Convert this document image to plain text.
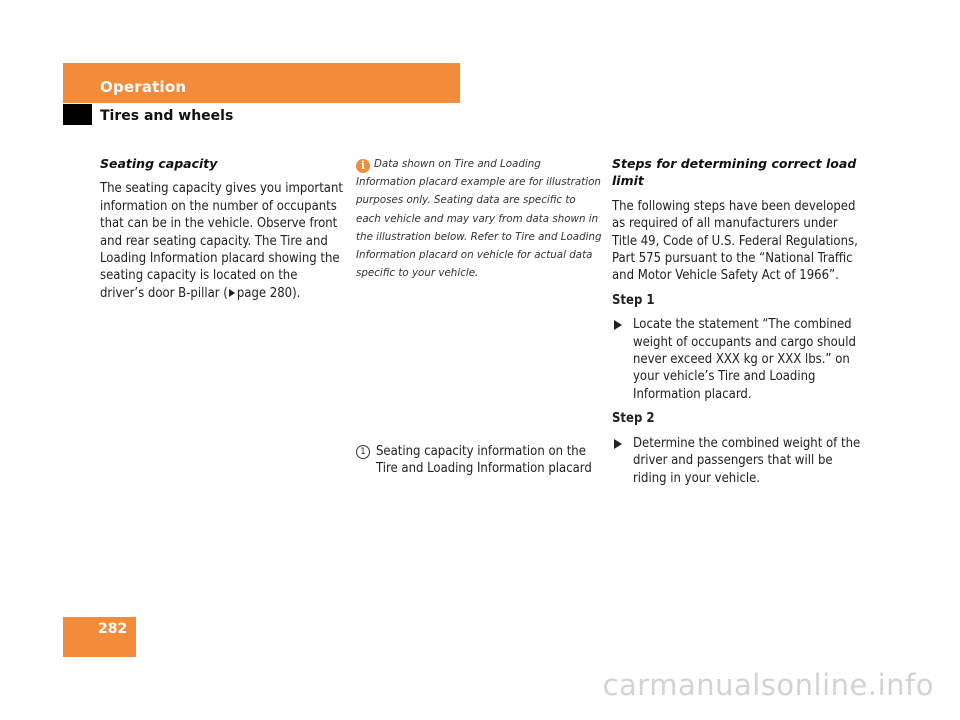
Operation
Tires and wheels

Seating capacity

The seating capacity gives you important information on the number of occupants that can be in the vehicle. Observe front and rear seating capacity. The Tire and Loading Information placard showing the seating capacity is located on the driver’s door B-pillar ( page 280).

i Data shown on Tire and Loading Information placard example are for illustration purposes only. Seating data are specific to each vehicle and may vary from data shown in the illustration below. Refer to Tire and Loading Information placard on vehicle for actual data specific to your vehicle.

1 Seating capacity information on the Tire and Loading Information placard

Steps for determining correct load limit

The following steps have been developed as required of all manufacturers under Title 49, Code of U.S. Federal Regulations, Part 575 pursuant to the “National Traffic and Motor Vehicle Safety Act of 1966”.

Step 1

Locate the statement “The combined weight of occupants and cargo should never exceed XXX kg or XXX lbs.” on your vehicle’s Tire and Loading Information placard.

Step 2

Determine the combined weight of the driver and passengers that will be riding in your vehicle.
282
carmanualsonline.info
